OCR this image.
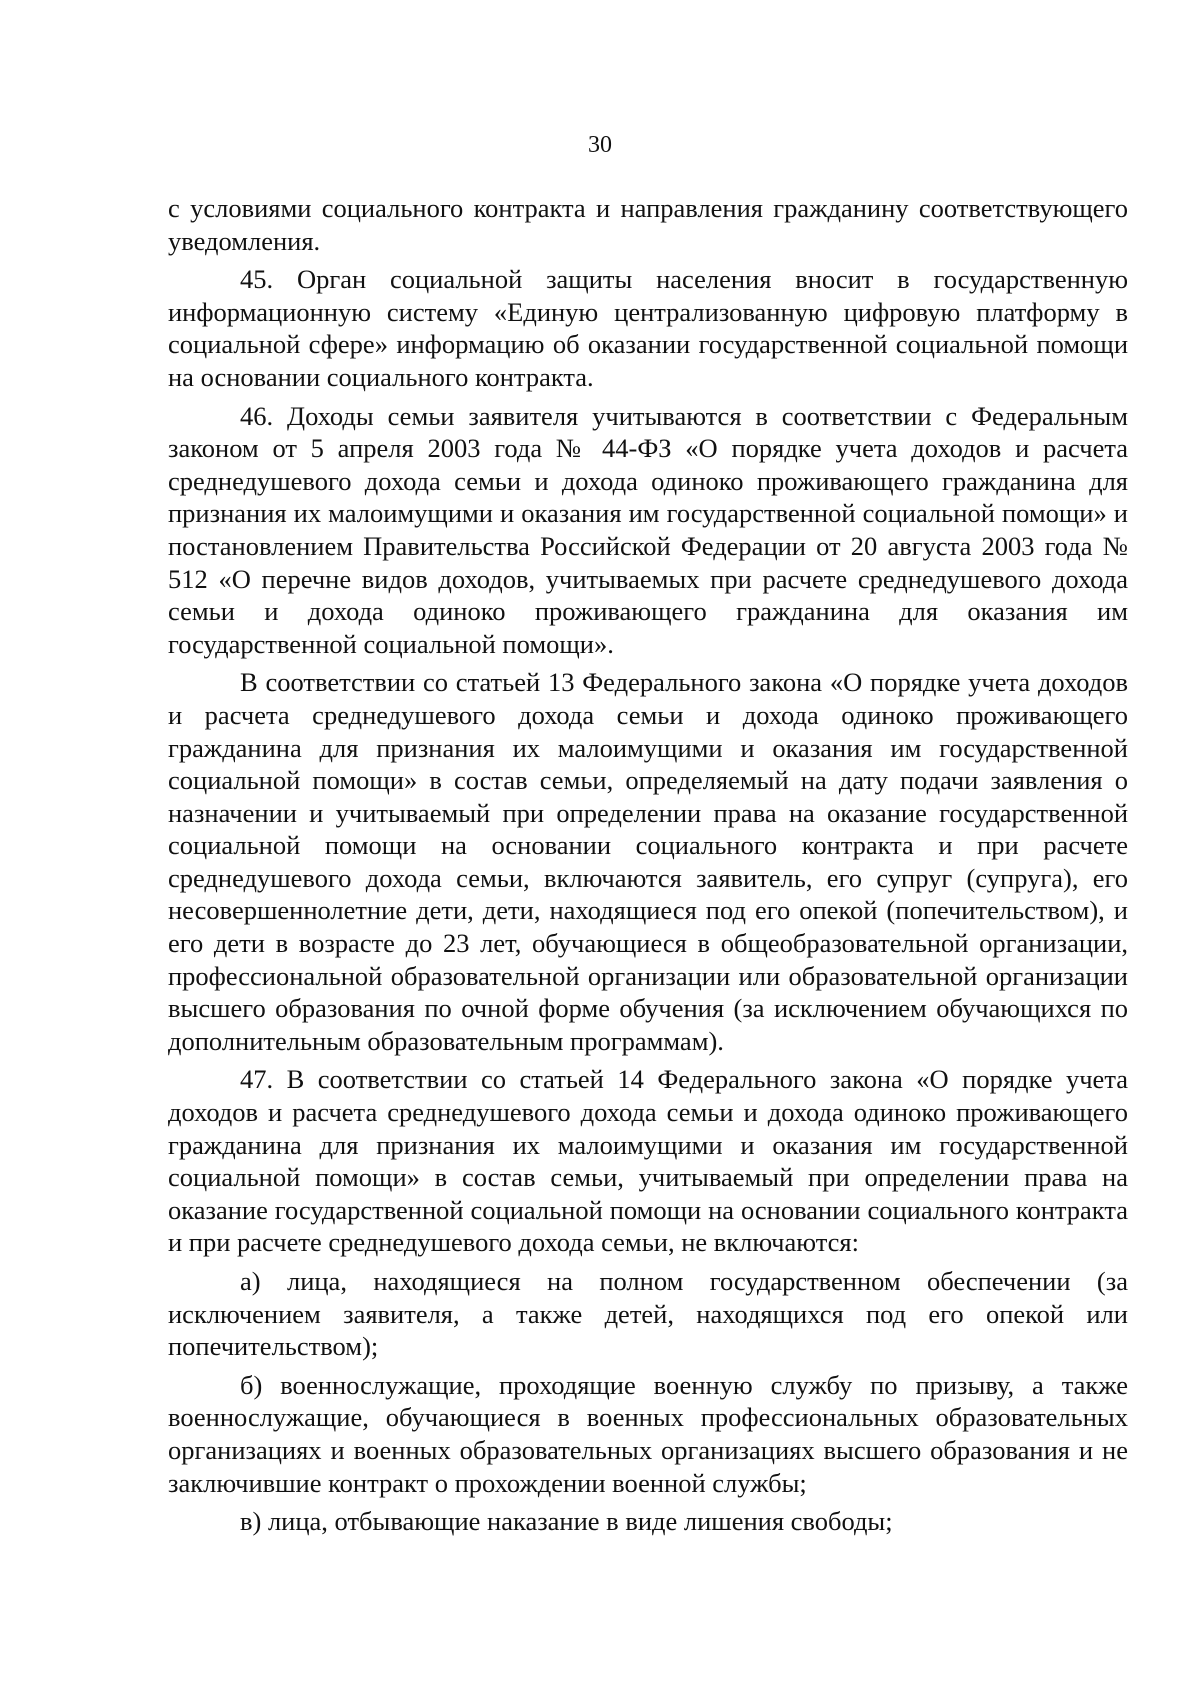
30

с условиями социального контракта и направления гражданину соответствующего уведомления.

45. Орган социальной защиты населения вносит в государственную информационную систему «Единую централизованную цифровую платформу в социальной сфере» информацию об оказании государственной социальной помощи на основании социального контракта.

46. Доходы семьи заявителя учитываются в соответствии с Федеральным законом от 5 апреля 2003 года № 44-ФЗ «О порядке учета доходов и расчета среднедушевого дохода семьи и дохода одиноко проживающего гражданина для признания их малоимущими и оказания им государственной социальной помощи» и постановлением Правительства Российской Федерации от 20 августа 2003 года № 512 «О перечне видов доходов, учитываемых при расчете среднедушевого дохода семьи и дохода одиноко проживающего гражданина для оказания им государственной социальной помощи».

В соответствии со статьей 13 Федерального закона «О порядке учета доходов и расчета среднедушевого дохода семьи и дохода одиноко проживающего гражданина для признания их малоимущими и оказания им государственной социальной помощи» в состав семьи, определяемый на дату подачи заявления о назначении и учитываемый при определении права на оказание государственной социальной помощи на основании социального контракта и при расчете среднедушевого дохода семьи, включаются заявитель, его супруг (супруга), его несовершеннолетние дети, дети, находящиеся под его опекой (попечительством), и его дети в возрасте до 23 лет, обучающиеся в общеобразовательной организации, профессиональной образовательной организации или образовательной организации высшего образования по очной форме обучения (за исключением обучающихся по дополнительным образовательным программам).

47. В соответствии со статьей 14 Федерального закона «О порядке учета доходов и расчета среднедушевого дохода семьи и дохода одиноко проживающего гражданина для признания их малоимущими и оказания им государственной социальной помощи» в состав семьи, учитываемый при определении права на оказание государственной социальной помощи на основании социального контракта и при расчете среднедушевого дохода семьи, не включаются:

а) лица, находящиеся на полном государственном обеспечении (за исключением заявителя, а также детей, находящихся под его опекой или попечительством);

б) военнослужащие, проходящие военную службу по призыву, а также военнослужащие, обучающиеся в военных профессиональных образовательных организациях и военных образовательных организациях высшего образования и не заключившие контракт о прохождении военной службы;

в) лица, отбывающие наказание в виде лишения свободы;
